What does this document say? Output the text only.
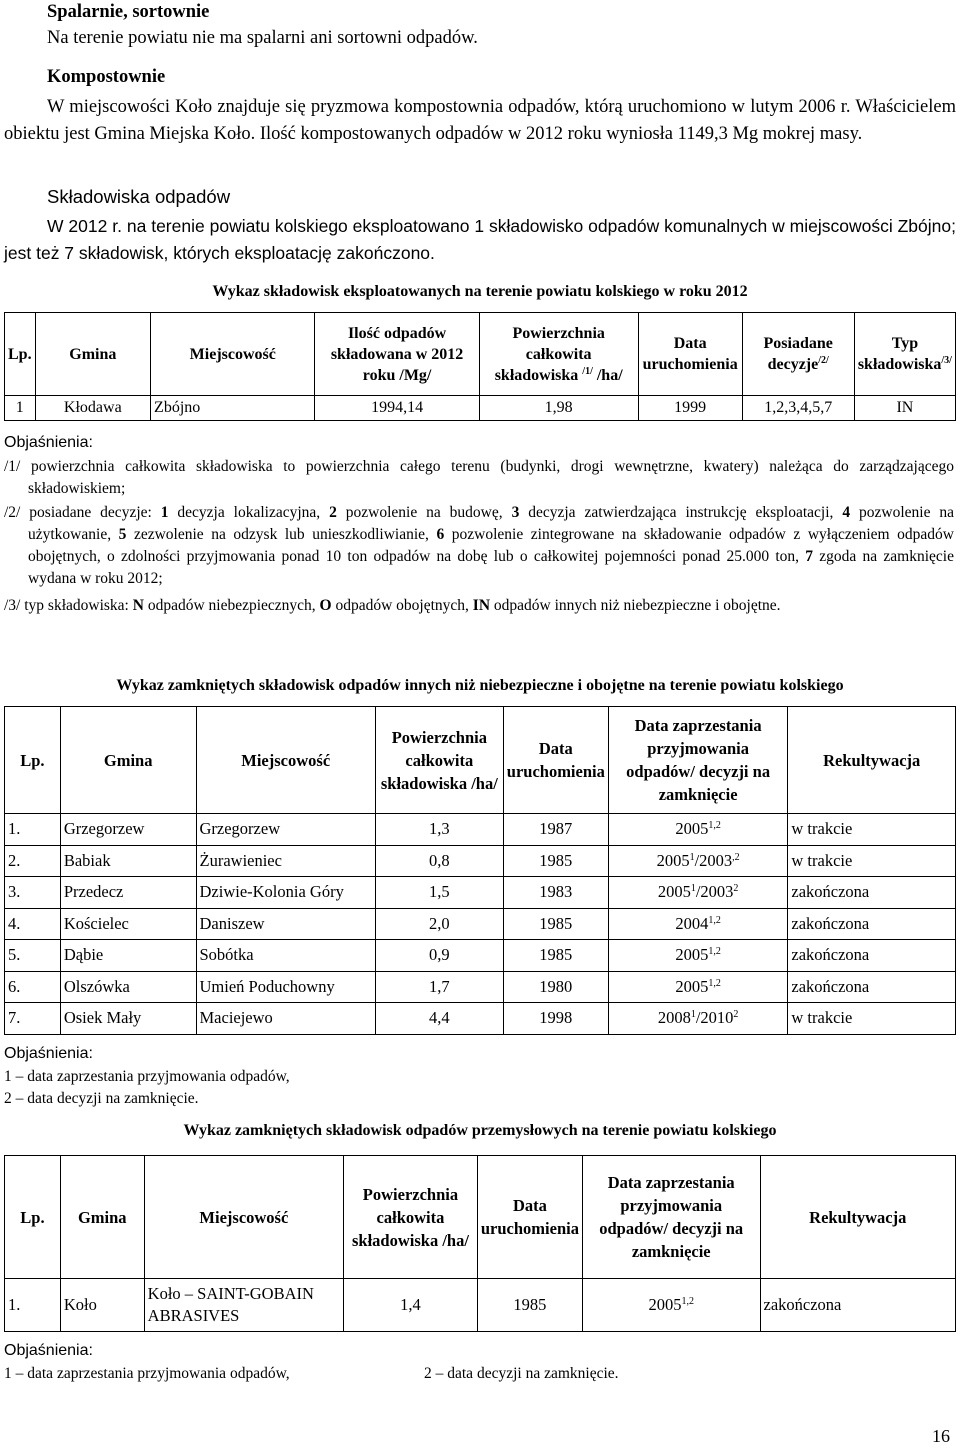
Spalarnie, sortownie
Na terenie powiatu nie ma spalarni ani sortowni odpadów.
Kompostownie
W miejscowości Koło znajduje się pryzmowa kompostownia odpadów, którą uruchomiono w lutym 2006 r. Właścicielem obiektu jest Gmina Miejska Koło. Ilość kompostowanych odpadów w 2012 roku wyniosła 1149,3 Mg mokrej masy.
Składowiska odpadów
W 2012 r. na terenie powiatu kolskiego eksploatowano 1 składowisko odpadów komunalnych w miejscowości Zbójno; jest też 7 składowisk, których eksploatację zakończono.
Wykaz składowisk eksploatowanych na terenie powiatu kolskiego w roku 2012
Lp.	Gmina	Miejscowość	Ilość odpadów składowana w 2012 roku /Mg/	Powierzchnia całkowita składowiska $^{/1/}$ /ha/	Data uruchomienia	Posiadane decyzje$^{/2/}$	Typ składowiska$^{/3/}$
1	Kłodawa	Zbójno	1994,14	1,98	1999	1,2,3,4,5,7	IN
Objaśnienia:
/1/ powierzchnia całkowita składowiska to powierzchnia całego terenu (budynki, drogi wewnętrzne, kwatery) należąca do zarządzającego składowiskiem;
/2/ posiadane decyzje: 1 decyzja lokalizacyjna, 2 pozwolenie na budowę, 3 decyzja zatwierdzająca instrukcję eksploatacji, 4 pozwolenie na użytkowanie, 5 zezwolenie na odzysk lub unieszkodliwianie, 6 pozwolenie zintegrowane na składowanie odpadów z wyłączeniem odpadów obojętnych, o zdolności przyjmowania ponad 10 ton odpadów na dobę lub o całkowitej pojemności ponad 25.000 ton, 7 zgoda na zamknięcie wydana w roku 2012;
/3/ typ składowiska: N odpadów niebezpiecznych, O odpadów obojętnych, IN odpadów innych niż niebezpieczne i obojętne.
Wykaz zamkniętych składowisk odpadów innych niż niebezpieczne i obojętne na terenie powiatu kolskiego
Lp.	Gmina	Miejscowość	Powierzchnia całkowita składowiska /ha/	Data uruchomienia	Data zaprzestania przyjmowania odpadów/ decyzji na zamknięcie	Rekultywacja
1.	Grzegorzew	Grzegorzew	1,3	1987	2005$^{1,2}$	w trakcie
2.	Babiak	Żurawieniec	0,8	1985	$2005^1/2003^{,2}$	w trakcie
3.	Przedecz	Dziwie-Kolonia Góry	1,5	1983	2005$^1$/2003$^2$	zakończona
4.	Kościelec	Daniszew	2,0	1985	2004$^{1,2}$	zakończona
5.	Dąbie	Sobótka	0,9	1985	2005$^{1,2}$	zakończona
6.	Olszówka	Umień Poduchowny	1,7	1980	2005$^{1,2}$	zakończona
7.	Osiek Mały	Maciejewo	4,4	1998	2008$^1$/2010$^2$	w trakcie
Objaśnienia:
1 – data zaprzestania przyjmowania odpadów,
2 – data decyzji na zamknięcie.
Wykaz zamkniętych składowisk odpadów przemysłowych na terenie powiatu kolskiego
Lp.	Gmina	Miejscowość	Powierzchnia całkowita składowiska /ha/	Data uruchomienia	Data zaprzestania przyjmowania odpadów/ decyzji na zamknięcie	Rekultywacja
1.	Koło	Koło – SAINT-GOBAIN ABRASIVES	1,4	1985	2005$^{1,2}$	zakończona
Objaśnienia:
1 – data zaprzestania przyjmowania odpadów,	2 – data decyzji na zamknięcie.
16
